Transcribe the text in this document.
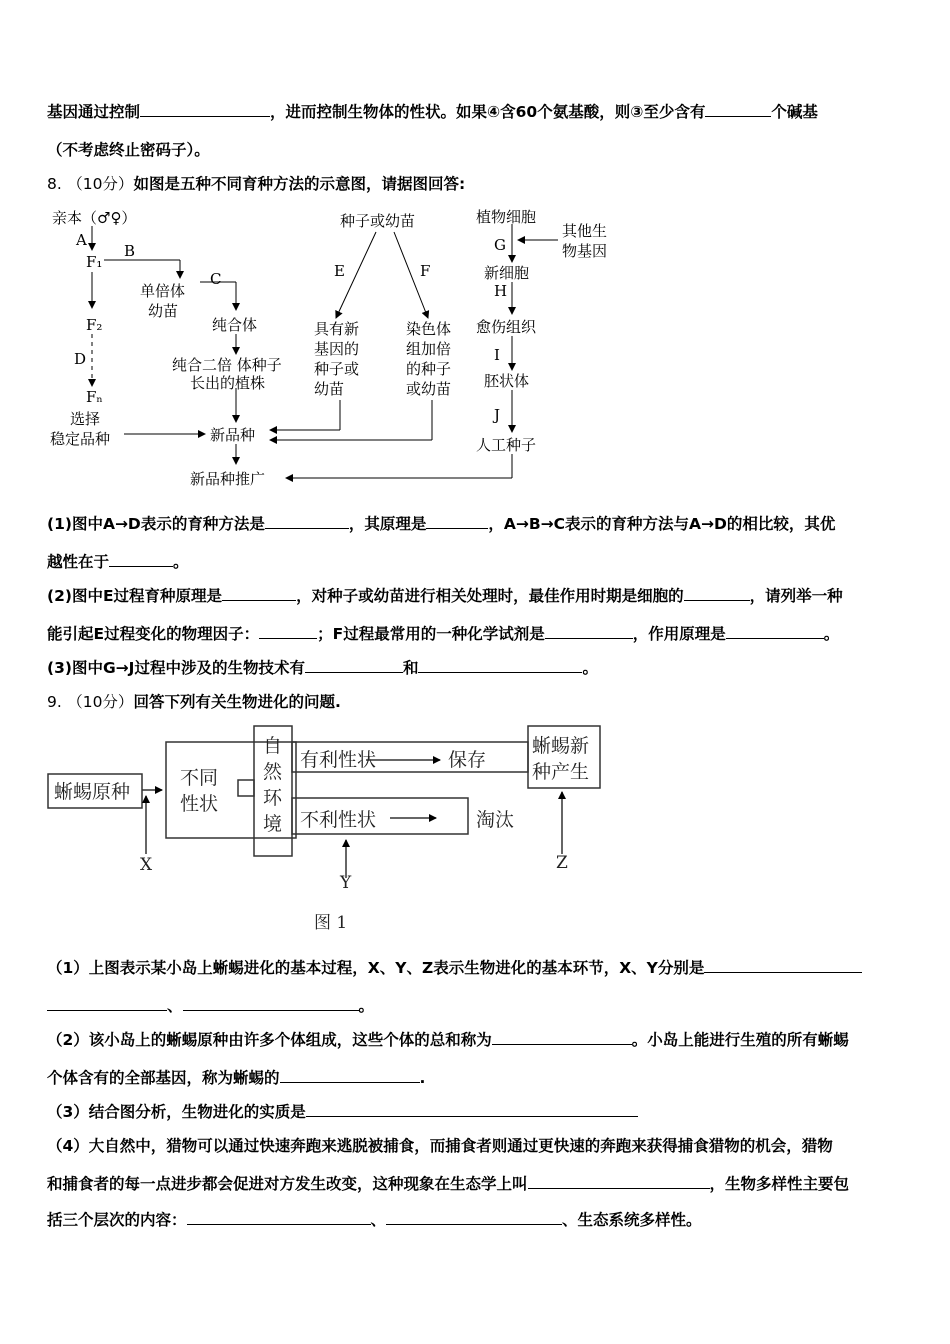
基因通过控制	，进而控制生物体的性状。如果④含60个氨基酸，则③至少含有	个碱基
（不考虑终止密码子）。
8. （10分）如图是五种不同育种方法的示意图，请据图回答:
亲本（♂♀）
A
B
F₁
单倍体
幼苗
C
F₂	纯合体
D	纯合二倍 体种子
长出的植株
Fₙ
选择
稳定品种	新品种
新品种推广
种子或幼苗
E	F
具有新
基因的
种子或
幼苗
染色体
组加倍
的种子
或幼苗
植物细胞
其他生
物基因
G
新细胞
H
愈伤组织
I
胚状体
J
人工种子
(1)图中A→D表示的育种方法是	，其原理是	，A→B→C表示的育种方法与A→D的相比较，其优
越性在于	。
(2)图中E过程育种原理是	，对种子或幼苗进行相关处理时，最佳作用时期是细胞的	，请列举一种
能引起E过程变化的物理因子：	；F过程最常用的一种化学试剂是	，作用原理是	。
(3)图中G→J过程中涉及的生物技术有	和	。
9. （10分）回答下列有关生物进化的问题.
蜥蜴原种
不同
性状
自
然
环
境
有利性状	保存
不利性状	淘汰
蜥蜴新
种产生
X
Y
Z
图 1
（1）上图表示某小岛上蜥蜴进化的基本过程，X、Y、Z表示生物进化的基本环节，X、Y分别是
、	。
（2）该小岛上的蜥蜴原种由许多个体组成，这些个体的总和称为	。小岛上能进行生殖的所有蜥蜴
个体含有的全部基因，称为蜥蜴的	.
（3）结合图分析，生物进化的实质是
（4）大自然中，猎物可以通过快速奔跑来逃脱被捕食，而捕食者则通过更快速的奔跑来获得捕食猎物的机会，猎物
和捕食者的每一点进步都会促进对方发生改变，这种现象在生态学上叫	，生物多样性主要包
括三个层次的内容：	、	、生态系统多样性。
